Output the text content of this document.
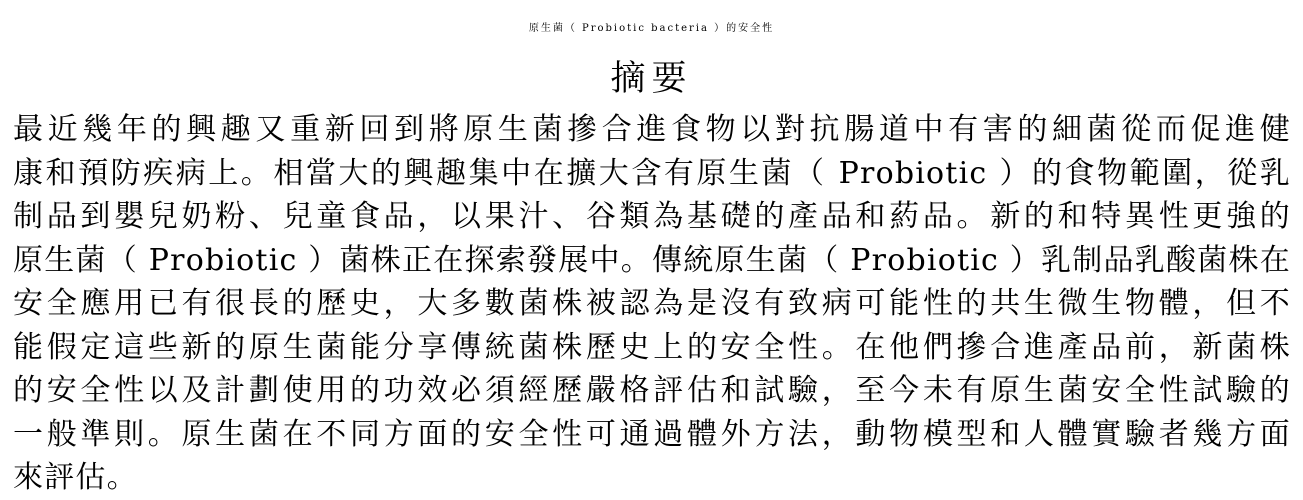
原生菌（ Probiotic bacteria ）的安全性
摘要
最近幾年的興趣又重新回到將原生菌摻合進食物以對抗腸道中有害的細菌從而促進健
康和預防疾病上。相當大的興趣集中在擴大含有原生菌（ Probiotic ）的食物範圍，從乳
制品到嬰兒奶粉、兒童食品，以果汁、谷類為基礎的產品和葯品。新的和特異性更強的
原生菌（ Probiotic ）菌株正在探索發展中。傳統原生菌（ Probiotic ）乳制品乳酸菌株在
安全應用已有很長的歷史，大多數菌株被認為是沒有致病可能性的共生微生物體，但不
能假定這些新的原生菌能分享傳統菌株歷史上的安全性。在他們摻合進產品前，新菌株
的安全性以及計劃使用的功效必須經歷嚴格評估和試驗，至今未有原生菌安全性試驗的
一般準則。原生菌在不同方面的安全性可通過體外方法，動物模型和人體實驗者幾方面
來評估。
